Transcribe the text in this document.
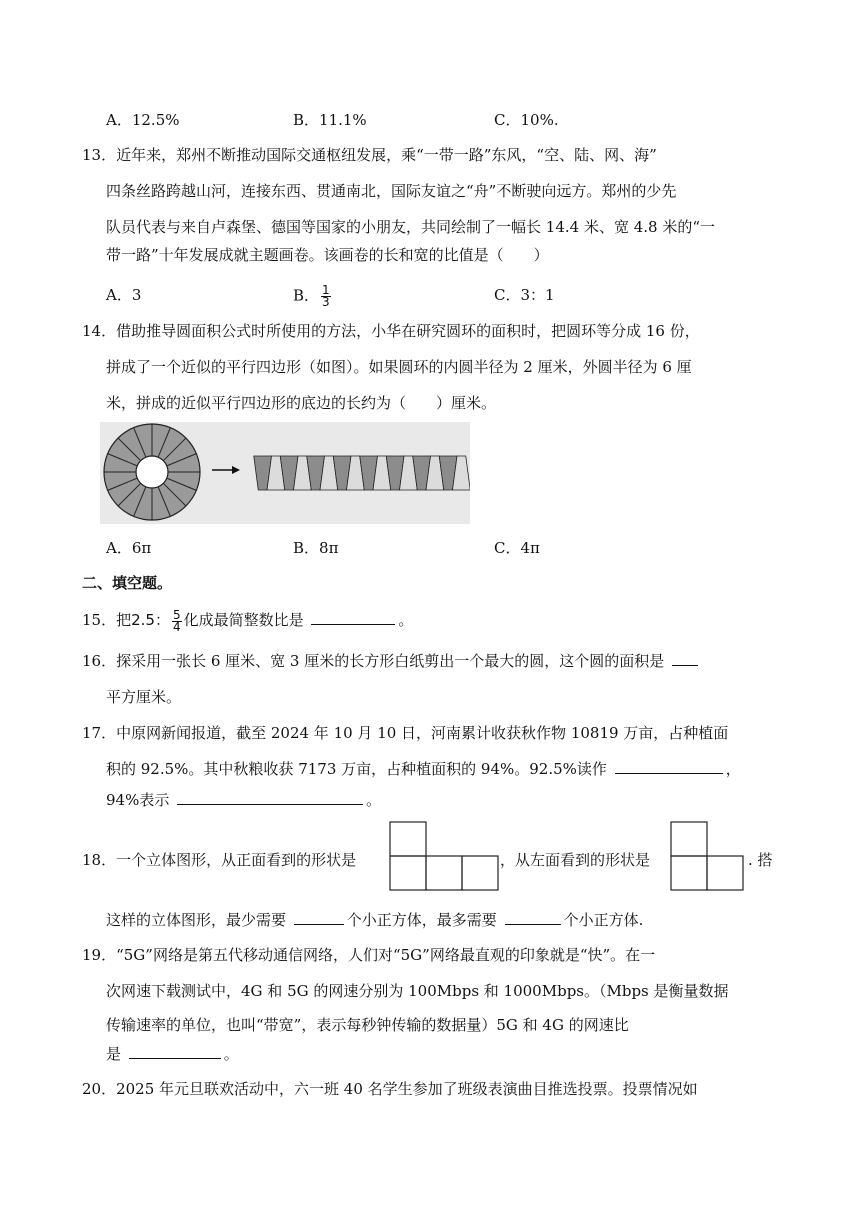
A．12.5%	B．11.1%	C．10%.
13．近年来，郑州不断推动国际交通枢纽发展，乘“一带一路”东风，“空、陆、网、海”
四条丝路跨越山河，连接东西、贯通南北，国际友谊之“舟”不断驶向远方。郑州的少先
队员代表与来自卢森堡、德国等国家的小朋友，共同绘制了一幅长 14.4 米、宽 4.8 米的“一
带一路”十年发展成就主题画卷。该画卷的长和宽的比值是（　　）
A．3	B． $\frac{1}{3}$	C．3：1
14．借助推导圆面积公式时所使用的方法，小华在研究圆环的面积时，把圆环等分成 16 份，
拼成了一个近似的平行四边形（如图）。如果圆环的内圆半径为 2 厘米，外圆半径为 6 厘
米，拼成的近似平行四边形的底边的长约为（　　）厘米。
A．6π	B．8π	C．4π
二、填空题。
15．把2.5： $\frac{5}{4}$ 化成最简整数比是	。
16．探采用一张长 6 厘米、宽 3 厘米的长方形白纸剪出一个最大的圆，这个圆的面积是
平方厘米。
17．中原网新闻报道，截至 2024 年 10 月 10 日，河南累计收获秋作物 10819 万亩，占种植面
积的 92.5%。其中秋粮收获 7173 万亩，占种植面积的 94%。92.5%读作	，
94%表示	。
18．一个立体图形，从正面看到的形状是	，从左面看到的形状是	. 搭
这样的立体图形，最少需要	个小正方体，最多需要	个小正方体.
19．“5G”网络是第五代移动通信网络，人们对“5G”网络最直观的印象就是“快”。在一
次网速下载测试中，4G 和 5G 的网速分别为 100Mbps 和 1000Mbps。（Mbps 是衡量数据
传输速率的单位，也叫“带宽”，表示每秒钟传输的数据量）5G 和 4G 的网速比
是	。
20．2025 年元旦联欢活动中，六一班 40 名学生参加了班级表演曲目推选投票。投票情况如
